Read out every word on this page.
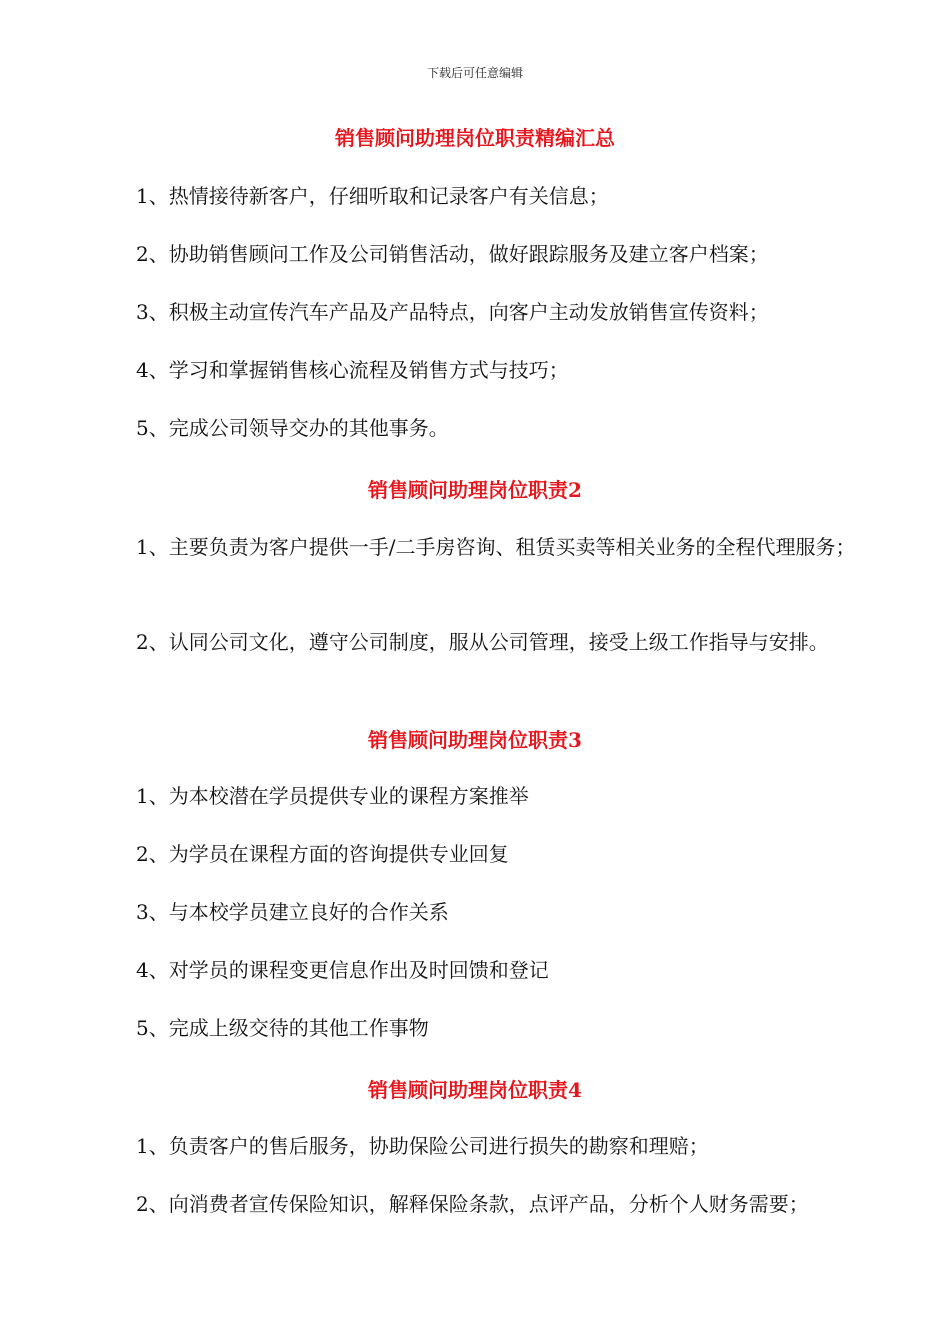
下载后可任意编辑
销售顾问助理岗位职责精编汇总
1、热情接待新客户，仔细听取和记录客户有关信息；
2、协助销售顾问工作及公司销售活动，做好跟踪服务及建立客户档案；
3、积极主动宣传汽车产品及产品特点，向客户主动发放销售宣传资料；
4、学习和掌握销售核心流程及销售方式与技巧；
5、完成公司领导交办的其他事务。
销售顾问助理岗位职责2
1、主要负责为客户提供一手/二手房咨询、租赁买卖等相关业务的全程代理服务；
2、认同公司文化，遵守公司制度，服从公司管理，接受上级工作指导与安排。
销售顾问助理岗位职责3
1、为本校潜在学员提供专业的课程方案推举
2、为学员在课程方面的咨询提供专业回复
3、与本校学员建立良好的合作关系
4、对学员的课程变更信息作出及时回馈和登记
5、完成上级交待的其他工作事物
销售顾问助理岗位职责4
1、负责客户的售后服务，协助保险公司进行损失的勘察和理赔；
2、向消费者宣传保险知识，解释保险条款，点评产品，分析个人财务需要；
